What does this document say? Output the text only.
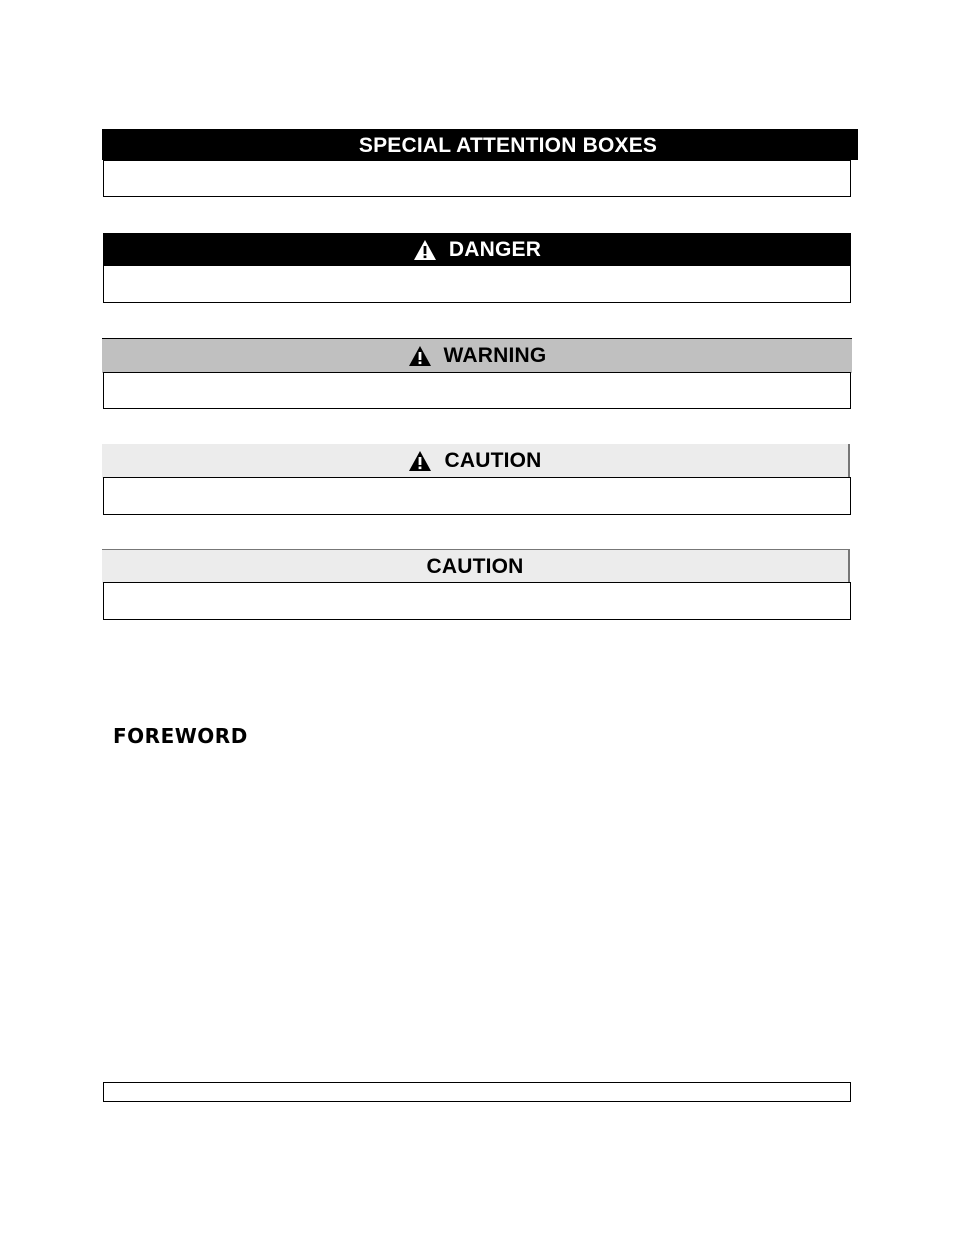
SPECIAL ATTENTION BOXES
DANGER
WARNING
CAUTION
CAUTION
FOREWORD
